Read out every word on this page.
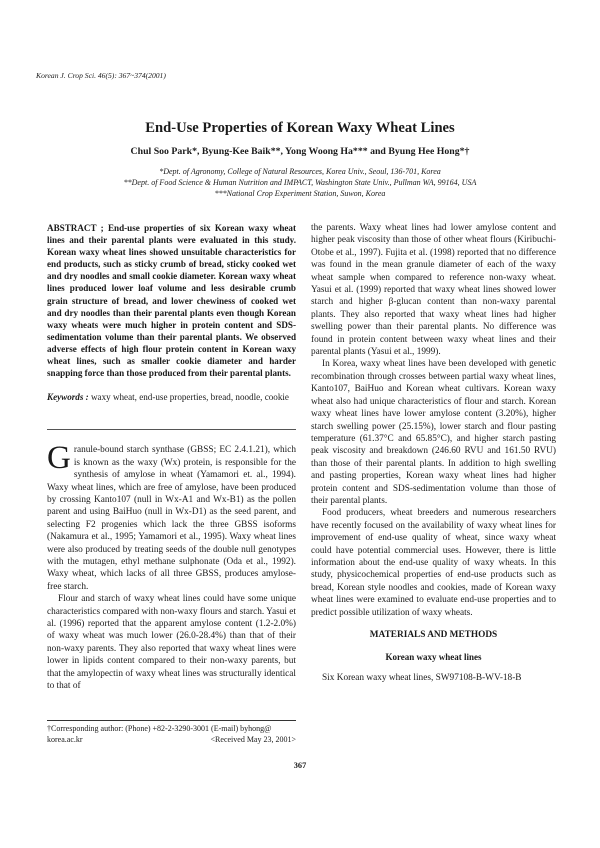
Korean J. Crop Sci. 46(5): 367~374(2001)
End-Use Properties of Korean Waxy Wheat Lines
Chul Soo Park*, Byung-Kee Baik**, Yong Woong Ha*** and Byung Hee Hong*†
*Dept. of Agronomy, College of Natural Resources, Korea Univ., Seoul, 136-701, Korea
**Dept. of Food Science & Human Nutrition and IMPACT, Washington State Univ., Pullman WA, 99164, USA
***National Crop Experiment Station, Suwon, Korea

ABSTRACT ; End-use properties of six Korean waxy wheat lines and their parental plants were evaluated in this study. Korean waxy wheat lines showed unsuitable characteristics for end products, such as sticky crumb of bread, sticky cooked wet and dry noodles and small cookie diameter. Korean waxy wheat lines produced lower loaf volume and less desirable crumb grain structure of bread, and lower chewiness of cooked wet and dry noodles than their parental plants even though Korean waxy wheats were much higher in protein content and SDS-sedimentation volume than their parental plants. We observed adverse effects of high flour protein content in Korean waxy wheat lines, such as smaller cookie diameter and harder snapping force than those produced from their parental plants.

Keywords : waxy wheat, end-use properties, bread, noodle, cookie

Granule-bound starch synthase (GBSS; EC 2.4.1.21), which is known as the waxy (Wx) protein, is responsible for the synthesis of amylose in wheat (Yamamori et. al., 1994). Waxy wheat lines, which are free of amylose, have been produced by crossing Kanto107 (null in Wx-A1 and Wx-B1) as the pollen parent and using BaiHuo (null in Wx-D1) as the seed parent, and selecting F2 progenies which lack the three GBSS isoforms (Nakamura et al., 1995; Yamamori et al., 1995). Waxy wheat lines were also produced by treating seeds of the double null genotypes with the mutagen, ethyl methane sulphonate (Oda et al., 1992). Waxy wheat, which lacks of all three GBSS, produces amylose-free starch.

Flour and starch of waxy wheat lines could have some unique characteristics compared with non-waxy flours and starch. Yasui et al. (1996) reported that the apparent amylose content (1.2-2.0%) of waxy wheat was much lower (26.0-28.4%) than that of their non-waxy parents. They also reported that waxy wheat lines were lower in lipids content compared to their non-waxy parents, but that the amylopectin of waxy wheat lines was structurally identical to that of

the parents. Waxy wheat lines had lower amylose content and higher peak viscosity than those of other wheat flours (Kiribuchi-Otobe et al., 1997). Fujita et al. (1998) reported that no difference was found in the mean granule diameter of each of the waxy wheat sample when compared to reference non-waxy wheat. Yasui et al. (1999) reported that waxy wheat lines showed lower starch and higher β-glucan content than non-waxy parental plants. They also reported that waxy wheat lines had higher swelling power than their parental plants. No difference was found in protein content between waxy wheat lines and their parental plants (Yasui et al., 1999).

In Korea, waxy wheat lines have been developed with genetic recombination through crosses between partial waxy wheat lines, Kanto107, BaiHuo and Korean wheat cultivars. Korean waxy wheat also had unique characteristics of flour and starch. Korean waxy wheat lines have lower amylose content (3.20%), higher starch swelling power (25.15%), lower starch and flour pasting temperature (61.37°C and 65.85°C), and higher starch pasting peak viscosity and breakdown (246.60 RVU and 161.50 RVU) than those of their parental plants. In addition to high swelling and pasting properties, Korean waxy wheat lines had higher protein content and SDS-sedimentation volume than those of their parental plants.

Food producers, wheat breeders and numerous researchers have recently focused on the availability of waxy wheat lines for improvement of end-use quality of wheat, since waxy wheat could have potential commercial uses. However, there is little information about the end-use quality of waxy wheats. In this study, physicochemical properties of end-use products such as bread, Korean style noodles and cookies, made of Korean waxy wheat lines were examined to evaluate end-use properties and to predict possible utilization of waxy wheats.

MATERIALS AND METHODS
Korean waxy wheat lines

Six Korean waxy wheat lines, SW97108-B-WV-18-B

†Corresponding author: (Phone) +82-2-3290-3001 (E-mail) byhong@
korea.ac.kr	<Received May 23, 2001>
367
